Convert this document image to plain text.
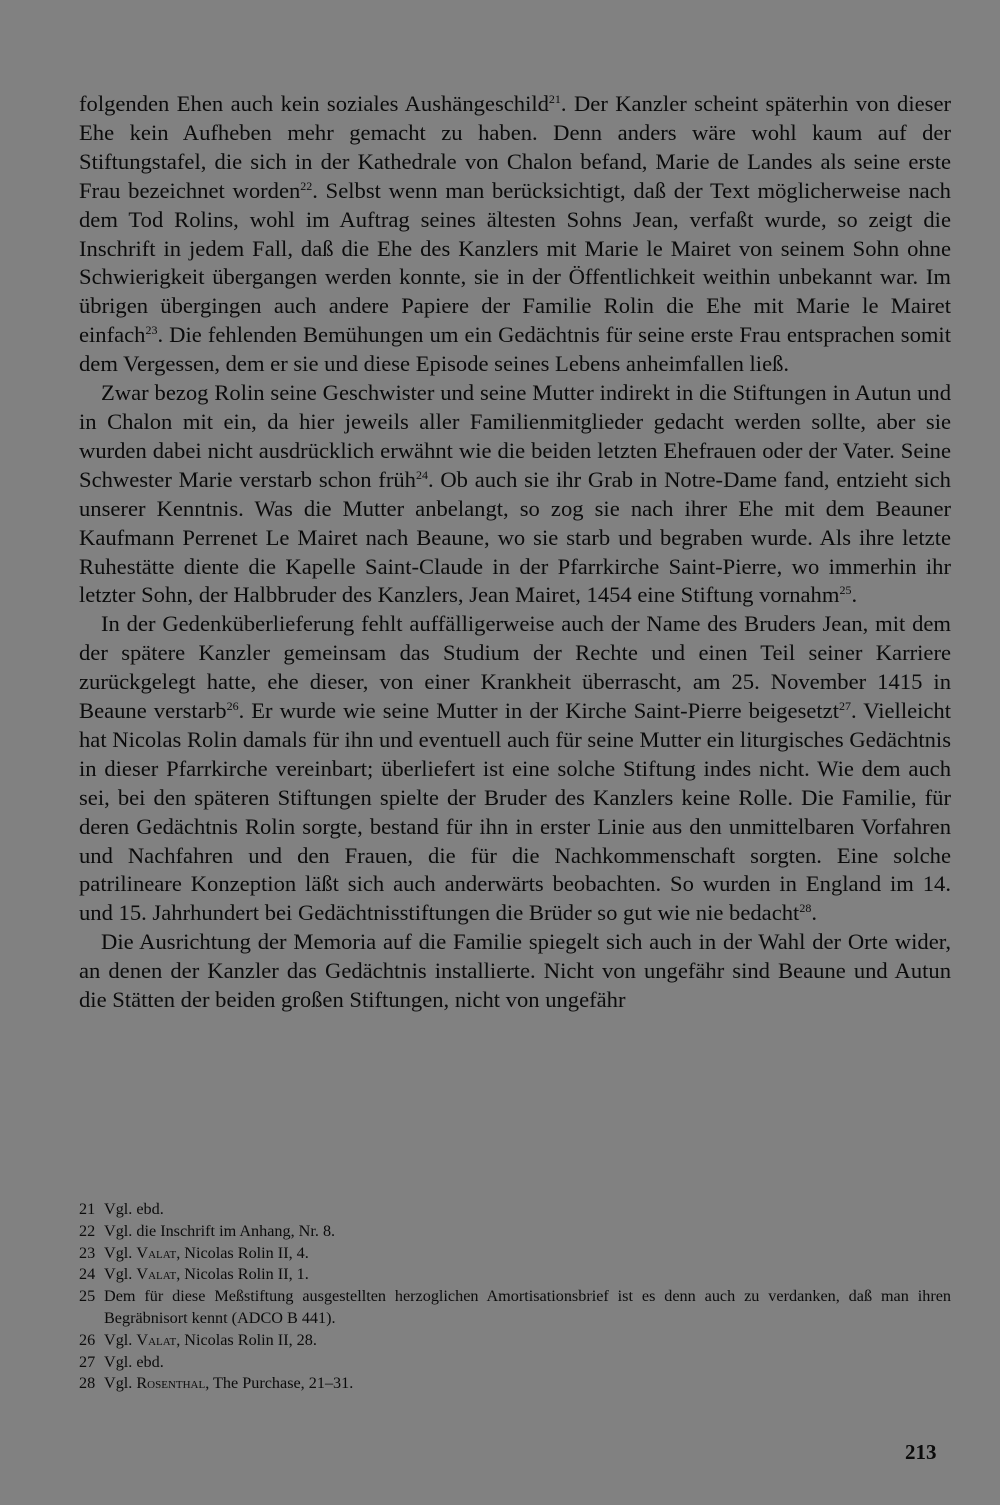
folgenden Ehen auch kein soziales Aushängeschild$^{21}$. Der Kanzler scheint späterhin von dieser Ehe kein Aufheben mehr gemacht zu haben. Denn anders wäre wohl kaum auf der Stiftungstafel, die sich in der Kathedrale von Chalon befand, Marie de Landes als seine erste Frau bezeichnet worden$^{22}$. Selbst wenn man berücksichtigt, daß der Text möglicherweise nach dem Tod Rolins, wohl im Auftrag seines ältesten Sohns Jean, verfaßt wurde, so zeigt die Inschrift in jedem Fall, daß die Ehe des Kanzlers mit Marie le Mairet von seinem Sohn ohne Schwierigkeit übergangen werden konnte, sie in der Öffentlichkeit weithin unbekannt war. Im übrigen übergingen auch andere Papiere der Familie Rolin die Ehe mit Marie le Mairet einfach$^{23}$. Die fehlenden Bemühungen um ein Gedächtnis für seine erste Frau entsprachen somit dem Vergessen, dem er sie und diese Episode seines Lebens anheimfallen ließ.

Zwar bezog Rolin seine Geschwister und seine Mutter indirekt in die Stiftungen in Autun und in Chalon mit ein, da hier jeweils aller Familienmitglieder gedacht werden sollte, aber sie wurden dabei nicht ausdrücklich erwähnt wie die beiden letzten Ehefrauen oder der Vater. Seine Schwester Marie verstarb schon früh$^{24}$. Ob auch sie ihr Grab in Notre-Dame fand, entzieht sich unserer Kenntnis. Was die Mutter anbelangt, so zog sie nach ihrer Ehe mit dem Beauner Kaufmann Perrenet Le Mairet nach Beaune, wo sie starb und begraben wurde. Als ihre letzte Ruhestätte diente die Kapelle Saint-Claude in der Pfarrkirche Saint-Pierre, wo immerhin ihr letzter Sohn, der Halbbruder des Kanzlers, Jean Mairet, 1454 eine Stiftung vornahm$^{25}$.

In der Gedenküberlieferung fehlt auffälligerweise auch der Name des Bruders Jean, mit dem der spätere Kanzler gemeinsam das Studium der Rechte und einen Teil seiner Karriere zurückgelegt hatte, ehe dieser, von einer Krankheit überrascht, am 25. November 1415 in Beaune verstarb$^{26}$. Er wurde wie seine Mutter in der Kirche Saint-Pierre beigesetzt$^{27}$. Vielleicht hat Nicolas Rolin damals für ihn und eventuell auch für seine Mutter ein liturgisches Gedächtnis in dieser Pfarrkirche vereinbart; überliefert ist eine solche Stiftung indes nicht. Wie dem auch sei, bei den späteren Stiftungen spielte der Bruder des Kanzlers keine Rolle. Die Familie, für deren Gedächtnis Rolin sorgte, bestand für ihn in erster Linie aus den unmittelbaren Vorfahren und Nachfahren und den Frauen, die für die Nachkommenschaft sorgten. Eine solche patrilineare Konzeption läßt sich auch anderwärts beobachten. So wurden in England im 14. und 15. Jahrhundert bei Gedächtnisstiftungen die Brüder so gut wie nie bedacht$^{28}$.

Die Ausrichtung der Memoria auf die Familie spiegelt sich auch in der Wahl der Orte wider, an denen der Kanzler das Gedächtnis installierte. Nicht von ungefähr sind Beaune und Autun die Stätten der beiden großen Stiftungen, nicht von ungefähr

21 Vgl. ebd.
22 Vgl. die Inschrift im Anhang, Nr. 8.
23 Vgl. Valat, Nicolas Rolin II, 4.
24 Vgl. Valat, Nicolas Rolin II, 1.
25 Dem für diese Meßstiftung ausgestellten herzoglichen Amortisationsbrief ist es denn auch zu verdanken, daß man ihren Begräbnisort kennt (ADCO B 441).
26 Vgl. Valat, Nicolas Rolin II, 28.
27 Vgl. ebd.
28 Vgl. Rosenthal, The Purchase, 21–31.
213
